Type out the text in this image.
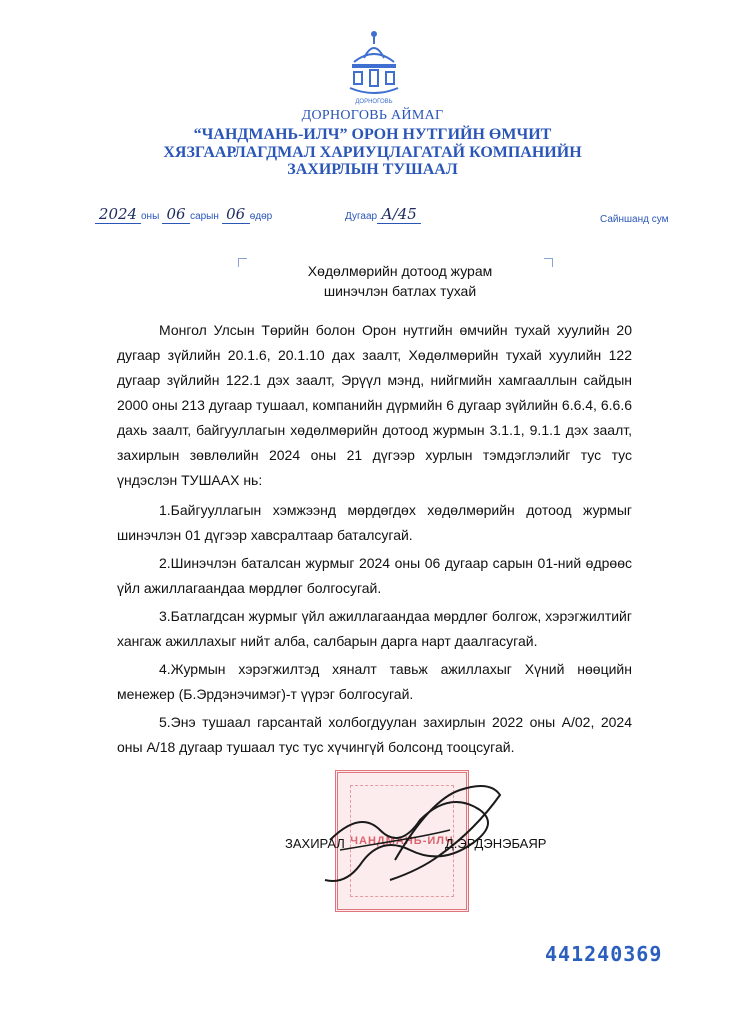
ДОРНОГОВЬ
ДОРНОГОВЬ АЙМАГ
“ЧАНДМАНЬ-ИЛЧ” ОРОН НУТГИЙН ӨМЧИТ
ХЯЗГААРЛАГДМАЛ ХАРИУЦЛАГАТАЙ КОМПАНИЙН
ЗАХИРЛЫН ТУШААЛ
2024 оны 06 сарын 06 өдөр	Дугаар А/45	Сайншанд сум
Хөдөлмөрийн дотоод журам
шинэчлэн батлах тухай

Монгол Улсын Төрийн болон Орон нутгийн өмчийн тухай хуулийн 20 дугаар зүйлийн 20.1.6, 20.1.10 дах заалт, Хөдөлмөрийн тухай хуулийн 122 дугаар зүйлийн 122.1 дэх заалт, Эрүүл мэнд, нийгмийн хамгааллын сайдын 2000 оны 213 дугаар тушаал, компанийн дүрмийн 6 дугаар зүйлийн 6.6.4, 6.6.6 дахь заалт, байгууллагын хөдөлмөрийн дотоод журмын 3.1.1, 9.1.1 дэх заалт, захирлын зөвлөлийн 2024 оны 21 дүгээр хурлын тэмдэглэлийг тус тус үндэслэн ТУШААХ нь:

1.Байгууллагын хэмжээнд мөрдөгдөх хөдөлмөрийн дотоод журмыг шинэчлэн 01 дүгээр хавсралтаар баталсугай.

2.Шинэчлэн баталсан журмыг 2024 оны 06 дугаар сарын 01-ний өдрөөс үйл ажиллагаандаа мөрдлөг болгосугай.

3.Батлагдсан журмыг үйл ажиллагаандаа мөрдлөг болгож, хэрэгжилтийг хангаж ажиллахыг нийт алба, салбарын дарга нарт даалгасугай.

4.Журмын хэрэгжилтэд хяналт тавьж ажиллахыг Хүний нөөцийн менежер (Б.Эрдэнэчимэг)-т үүрэг болгосугай.

5.Энэ тушаал гарсантай холбогдуулан захирлын 2022 оны А/02, 2024 оны А/18 дугаар тушаал тус тус хүчингүй болсонд тооцсугай.

ЧАНДМАНЬ-ИЛЧ
ЗАХИРАЛ	Д.ЭРДЭНЭБАЯР
441240369
